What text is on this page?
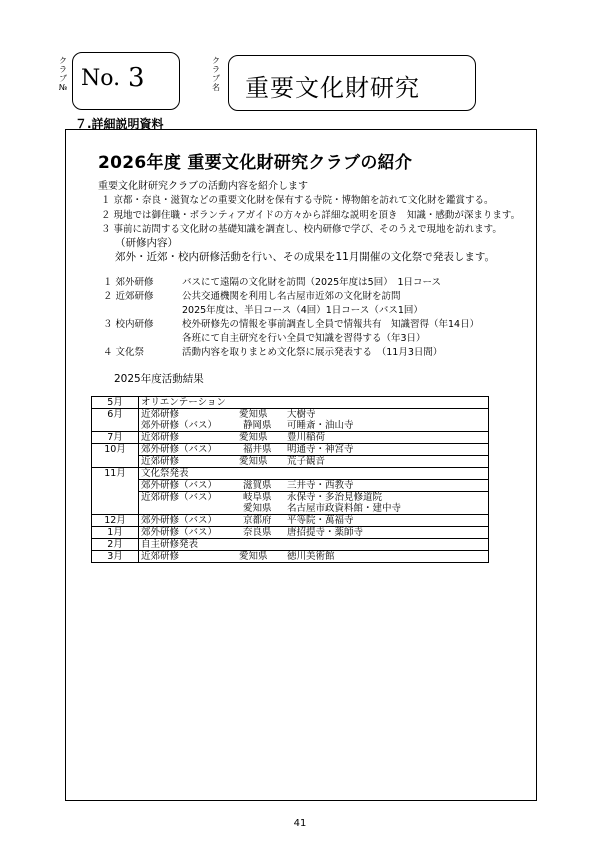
ク
ラ
ブ
№ No. 3
ク
ラ
ブ
名 重要文化財研究
７.詳細説明資料
2026年度 重要文化財研究クラブの紹介
重要文化財研究クラブの活動内容を紹介します
１ 京都・奈良・滋賀などの重要文化財を保有する寺院・博物館を訪れて文化財を鑑賞する。
２ 現地では御住職・ボランティアガイドの方々から詳細な説明を頂き　知識・感動が深まります。
３ 事前に訪問する文化財の基礎知識を調査し、校内研修で学び、そのうえで現地を訪れます。
（研修内容）
郊外・近郊・校内研修活動を行い、その成果を11月開催の文化祭で発表します。
１ 郊外研修	バスにて遠隔の文化財を訪問（2025年度は5回）　1日コース
２ 近郊研修	公共交通機関を利用し名古屋市近郊の文化財を訪問
2025年度は、半日コース（4回）1日コース（バス1回）
３ 校内研修	校外研修先の情報を事前調査し全員で情報共有　知識習得（年14日）
各班にて自主研究を行い全員で知識を習得する（年3日）
４ 文化祭	活動内容を取りまとめ文化祭に展示発表する　（11月3日間）
2025年度活動結果
5月	オリエンテーション
6月	近郊研修 愛知県 大樹寺
	郊外研修（バス） 静岡県 可睡斎・油山寺
7月	近郊研修 愛知県 豊川稲荷
10月	郊外研修（バス） 福井県 明通寺・神宮寺
	近郊研修 愛知県 荒子観音
11月	文化祭発表
	郊外研修（バス） 滋賀県 三井寺・西教寺
	近郊研修（バス） 岐阜県 永保寺・多治見修道院
	愛知県 名古屋市政資料館・建中寺
12月	郊外研修（バス） 京都府 平等院・萬福寺
1月	郊外研修（バス） 奈良県 唐招提寺・薬師寺
2月	自主研修発表
3月	近郊研修 愛知県 徳川美術館
41
